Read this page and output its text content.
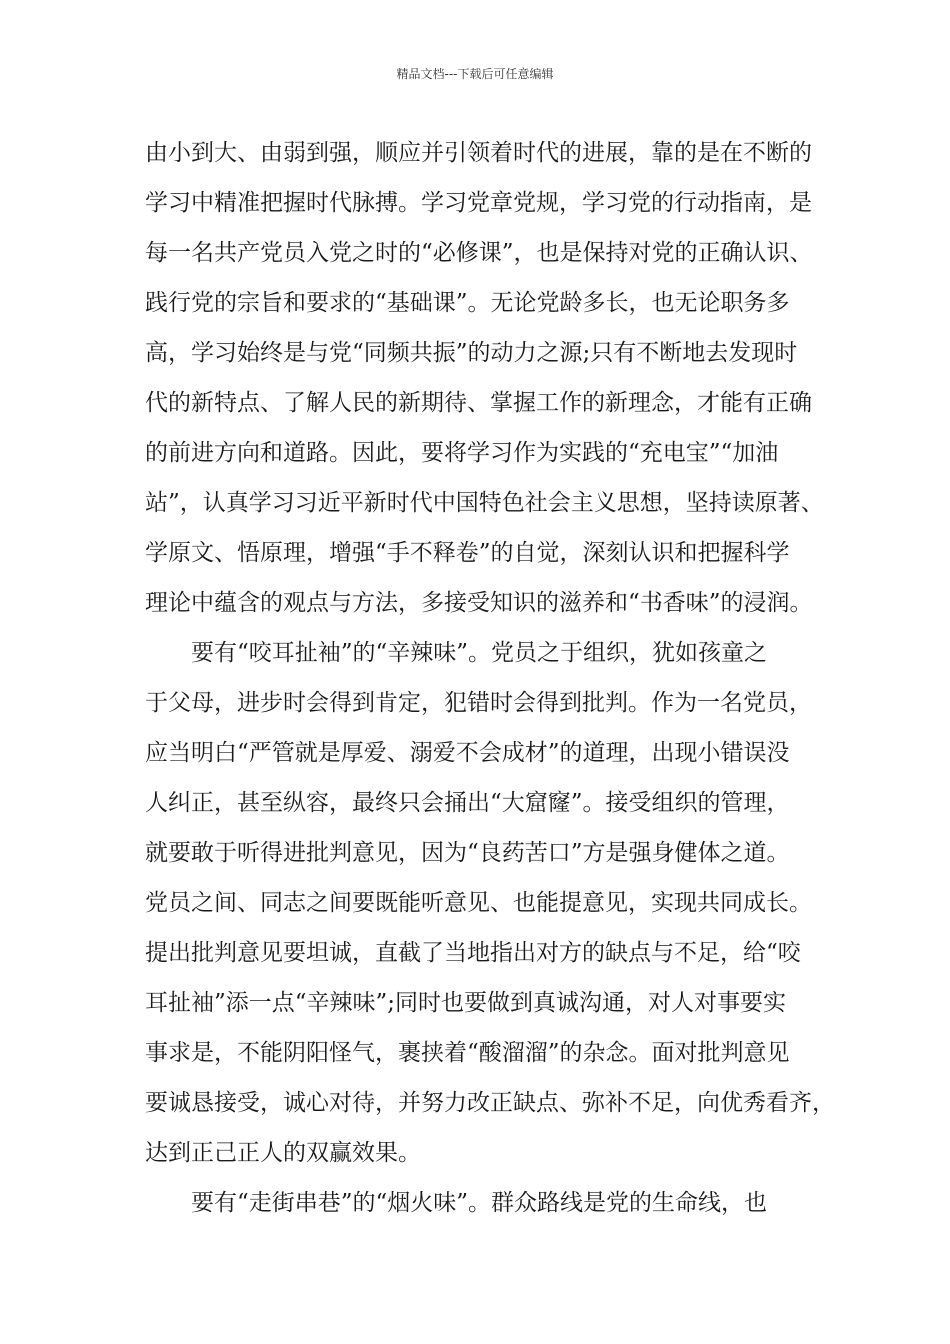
精品文档---下载后可任意编辑
由小到大、由弱到强，顺应并引领着时代的进展，靠的是在不断的
学习中精准把握时代脉搏。学习党章党规，学习党的行动指南，是
每一名共产党员入党之时的“必修课”，也是保持对党的正确认识、
践行党的宗旨和要求的“基础课”。无论党龄多长，也无论职务多
高，学习始终是与党“同频共振”的动力之源;只有不断地去发现时
代的新特点、了解人民的新期待、掌握工作的新理念，才能有正确
的前进方向和道路。因此，要将学习作为实践的“充电宝”“加油
站”，认真学习习近平新时代中国特色社会主义思想，坚持读原著、
学原文、悟原理，增强“手不释卷”的自觉，深刻认识和把握科学
理论中蕴含的观点与方法，多接受知识的滋养和“书香味”的浸润。
要有“咬耳扯袖”的“辛辣味”。党员之于组织，犹如孩童之
于父母，进步时会得到肯定，犯错时会得到批判。作为一名党员，
应当明白“严管就是厚爱、溺爱不会成材”的道理，出现小错误没
人纠正，甚至纵容，最终只会捅出“大窟窿”。接受组织的管理，
就要敢于听得进批判意见，因为“良药苦口”方是强身健体之道。
党员之间、同志之间要既能听意见、也能提意见，实现共同成长。
提出批判意见要坦诚，直截了当地指出对方的缺点与不足，给“咬
耳扯袖”添一点“辛辣味”;同时也要做到真诚沟通，对人对事要实
事求是，不能阴阳怪气，裹挟着“酸溜溜”的杂念。面对批判意见
要诚恳接受，诚心对待，并努力改正缺点、弥补不足，向优秀看齐，
达到正己正人的双赢效果。
要有“走街串巷”的“烟火味”。群众路线是党的生命线，也
